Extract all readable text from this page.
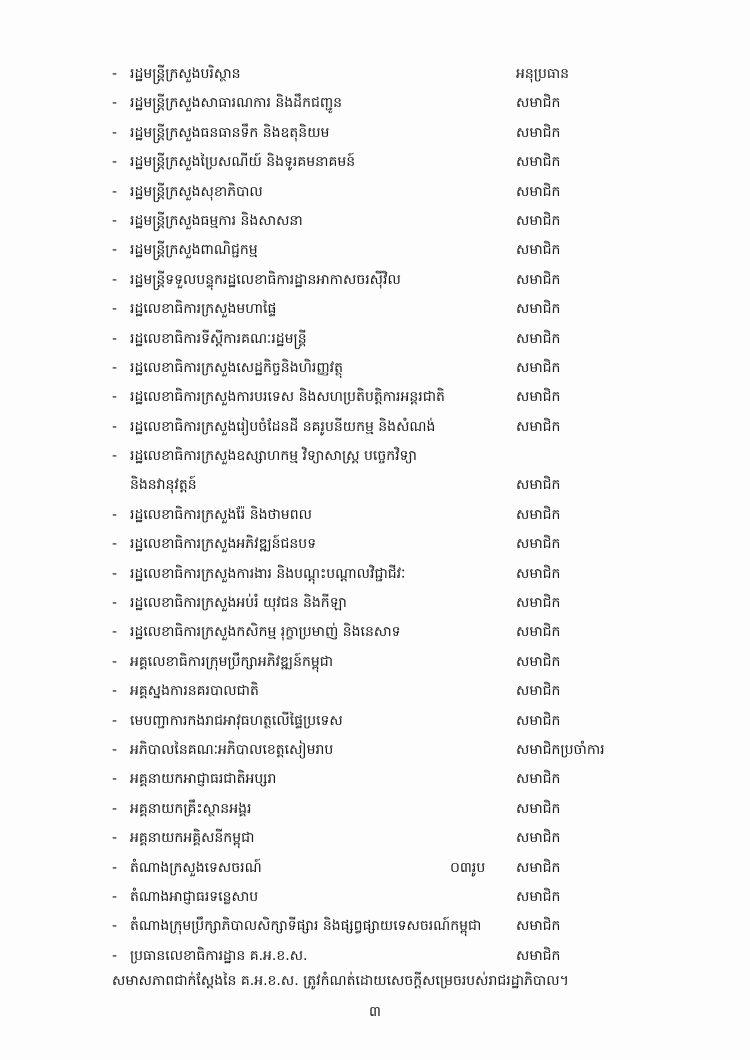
- រដ្ឋមន្ត្រីក្រសួងបរិស្ថាន	អនុប្រធាន
- រដ្ឋមន្ត្រីក្រសួងសាធារណការ និងដឹកជញ្ជូន	សមាជិក
- រដ្ឋមន្ត្រីក្រសួងធនធានទឹក និងឧតុនិយម	សមាជិក
- រដ្ឋមន្ត្រីក្រសួងប្រៃសណីយ៍ និងទូរគមនាគមន៍	សមាជិក
- រដ្ឋមន្ត្រីក្រសួងសុខាភិបាល	សមាជិក
- រដ្ឋមន្ត្រីក្រសួងធម្មការ និងសាសនា	សមាជិក
- រដ្ឋមន្ត្រីក្រសួងពាណិជ្ជកម្ម	សមាជិក
- រដ្ឋមន្ត្រីទទួលបន្ទុករដ្ឋលេខាធិការដ្ឋានអាកាសចរស៊ីវិល	សមាជិក
- រដ្ឋលេខាធិការក្រសួងមហាផ្ទៃ	សមាជិក
- រដ្ឋលេខាធិការទីស្តីការគណៈរដ្ឋមន្ត្រី	សមាជិក
- រដ្ឋលេខាធិការក្រសួងសេដ្ឋកិច្ចនិងហិរញ្ញវត្ថុ	សមាជិក
- រដ្ឋលេខាធិការក្រសួងការបរទេស និងសហប្រតិបត្តិការអន្តរជាតិ	សមាជិក
- រដ្ឋលេខាធិការក្រសួងរៀបចំដែនដី នគរូបនីយកម្ម និងសំណង់	សមាជិក
- រដ្ឋលេខាធិការក្រសួងឧស្សាហកម្ម វិទ្យាសាស្ត្រ បច្ចេកវិទ្យា
និងនវានុវត្តន៍	សមាជិក
- រដ្ឋលេខាធិការក្រសួងរ៉ែ និងថាមពល	សមាជិក
- រដ្ឋលេខាធិការក្រសួងអភិវឌ្ឍន៍ជនបទ	សមាជិក
- រដ្ឋលេខាធិការក្រសួងការងារ និងបណ្តុះបណ្តាលវិជ្ជាជីវៈ	សមាជិក
- រដ្ឋលេខាធិការក្រសួងអប់រំ យុវជន និងកីឡា	សមាជិក
- រដ្ឋលេខាធិការក្រសួងកសិកម្ម រុក្ខាប្រមាញ់ និងនេសាទ	សមាជិក
- អគ្គលេខាធិការក្រុមប្រឹក្សាអភិវឌ្ឍន៍កម្ពុជា	សមាជិក
- អគ្គស្នងការនគរបាលជាតិ	សមាជិក
- មេបញ្ជាការកងរាជអាវុធហត្ថលើផ្ទៃប្រទេស	សមាជិក
- អភិបាលនៃគណៈអភិបាលខេត្តសៀមរាប	សមាជិកប្រចាំការ
- អគ្គនាយកអាជ្ញាធរជាតិអប្សរា	សមាជិក
- អគ្គនាយកគ្រឹះស្ថានអង្គរ	សមាជិក
- អគ្គនាយកអគ្គិសនីកម្ពុជា	សមាជិក
- តំណាងក្រសួងទេសចរណ៍	០៣រូប សមាជិក
- តំណាងអាជ្ញាធរទន្លេសាប	សមាជិក
- តំណាងក្រុមប្រឹក្សាភិបាលសិក្សាទីផ្សារ និងផ្សព្វផ្សាយទេសចរណ៍កម្ពុជា សមាជិក
- ប្រធានលេខាធិការដ្ឋាន គ.អ.ខ.ស.	សមាជិក

សមាសភាពជាក់ស្តែងនៃ គ.អ.ខ.ស. ត្រូវកំណត់ដោយសេចក្តីសម្រេចរបស់រាជរដ្ឋាភិបាល។

៣
